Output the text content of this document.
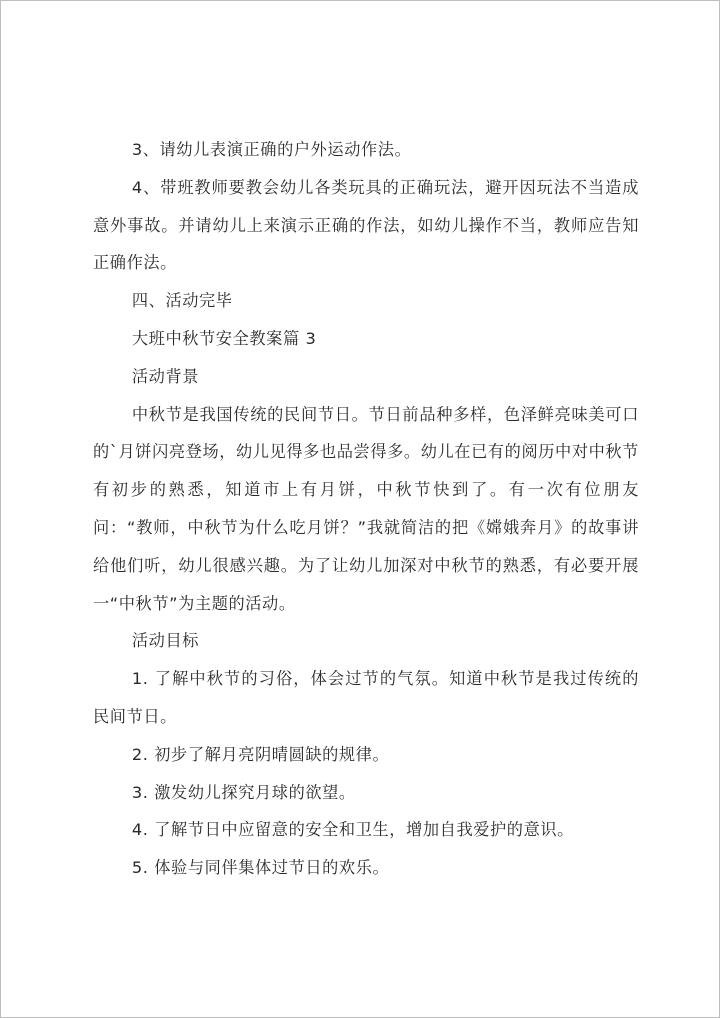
3、请幼儿表演正确的户外运动作法。

4、带班教师要教会幼儿各类玩具的正确玩法，避开因玩法不当造成意外事故。并请幼儿上来演示正确的作法，如幼儿操作不当，教师应告知正确作法。

四、活动完毕

大班中秋节安全教案篇 3

活动背景

中秋节是我国传统的民间节日。节日前品种多样，色泽鲜亮味美可口的`月饼闪亮登场，幼儿见得多也品尝得多。幼儿在已有的阅历中对中秋节有初步的熟悉，知道市上有月饼，中秋节快到了。有一次有位朋友问：“教师，中秋节为什么吃月饼？”我就简洁的把《嫦娥奔月》的故事讲给他们听，幼儿很感兴趣。为了让幼儿加深对中秋节的熟悉，有必要开展一“中秋节”为主题的活动。

活动目标

1. 了解中秋节的习俗，体会过节的气氛。知道中秋节是我过传统的民间节日。

2. 初步了解月亮阴晴圆缺的规律。

3. 激发幼儿探究月球的欲望。

4. 了解节日中应留意的安全和卫生，增加自我爱护的意识。

5. 体验与同伴集体过节日的欢乐。
